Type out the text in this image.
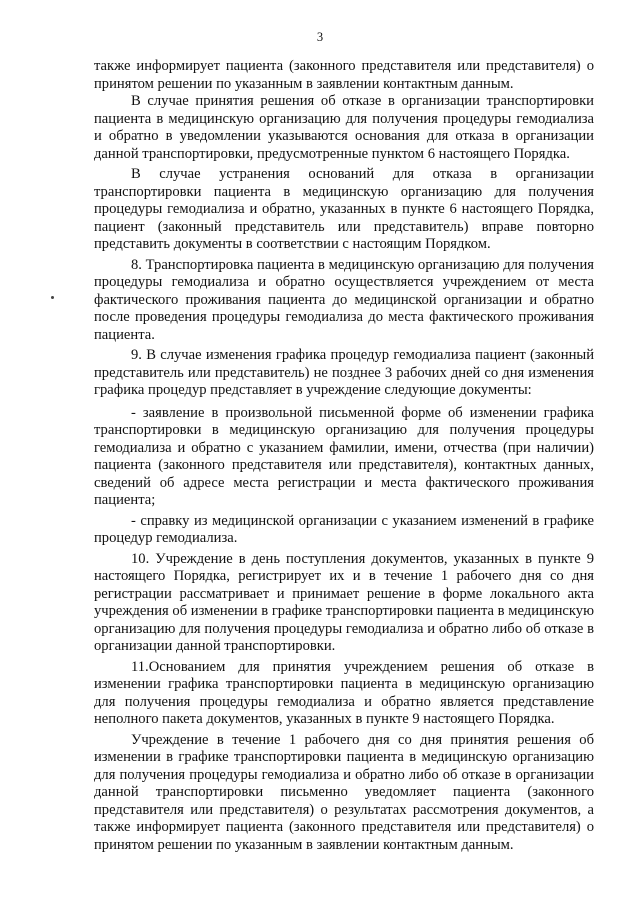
3

также информирует пациента (законного представителя или представителя) о принятом решении по указанным в заявлении контактным данным.

В случае принятия решения об отказе в организации транспортировки пациента в медицинскую организацию для получения процедуры гемодиализа и обратно в уведомлении указываются основания для отказа в организации данной транспортировки, предусмотренные пунктом 6 настоящего Порядка.

В случае устранения оснований для отказа в организации транспортировки пациента в медицинскую организацию для получения процедуры гемодиализа и обратно, указанных в пункте 6 настоящего Порядка, пациент (законный представитель или представитель) вправе повторно представить документы в соответствии с настоящим Порядком.

8. Транспортировка пациента в медицинскую организацию для получения процедуры гемодиализа и обратно осуществляется учреждением от места фактического проживания пациента до медицинской организации и обратно после проведения процедуры гемодиализа до места фактического проживания пациента.

9. В случае изменения графика процедур гемодиализа пациент (законный представитель или представитель) не позднее 3 рабочих дней со дня изменения графика процедур представляет в учреждение следующие документы:

- заявление в произвольной письменной форме об изменении графика транспортировки в медицинскую организацию для получения процедуры гемодиализа и обратно с указанием фамилии, имени, отчества (при наличии) пациента (законного представителя или представителя), контактных данных, сведений об адресе места регистрации и места фактического проживания пациента;

- справку из медицинской организации с указанием изменений в графике процедур гемодиализа.

10. Учреждение в день поступления документов, указанных в пункте 9 настоящего Порядка, регистрирует их и в течение 1 рабочего дня со дня регистрации рассматривает и принимает решение в форме локального акта учреждения об изменении в графике транспортировки пациента в медицинскую организацию для получения процедуры гемодиализа и обратно либо об отказе в организации данной транспортировки.

11.Основанием для принятия учреждением решения об отказе в изменении графика транспортировки пациента в медицинскую организацию для получения процедуры гемодиализа и обратно является представление неполного пакета документов, указанных в пункте 9 настоящего Порядка.

Учреждение в течение 1 рабочего дня со дня принятия решения об изменении в графике транспортировки пациента в медицинскую организацию для получения процедуры гемодиализа и обратно либо об отказе в организации данной транспортировки письменно уведомляет пациента (законного представителя или представителя) о результатах рассмотрения документов, а также информирует пациента (законного представителя или представителя) о принятом решении по указанным в заявлении контактным данным.
